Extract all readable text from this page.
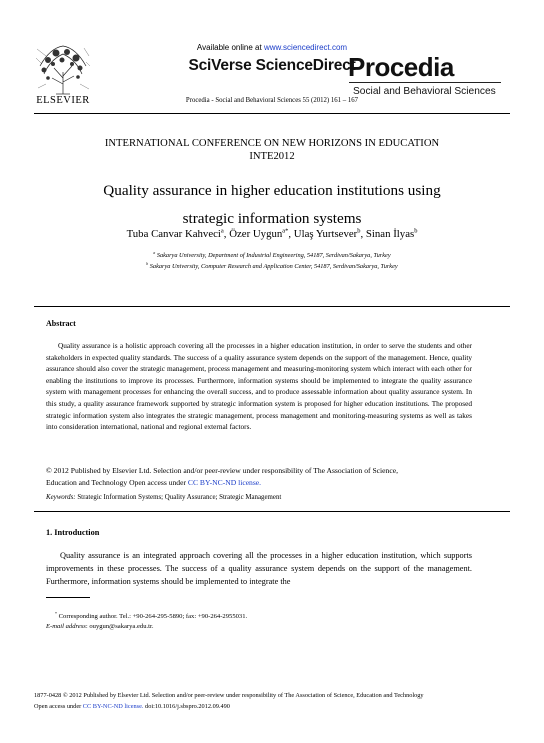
Available online at www.sciencedirect.com
ELSEVIER
SciVerse ScienceDirect
Procedia - Social and Behavioral Sciences 55 (2012) 161 – 167
Procedia
Social and Behavioral Sciences
INTERNATIONAL CONFERENCE ON NEW HORIZONS IN EDUCATION
INTE2012
Quality assurance in higher education institutions using
strategic information systems
Tuba Canvar Kahveci$^a$, Özer Uygun$^{a*}$, Ulaş Yurtsever$^b$, Sinan İlyas$^b$
$^a$ Sakarya University, Department of Industrial Engineering, 54187, Serdivan/Sakarya, Turkey
$^b$ Sakarya University, Computer Research and Application Center, 54187, Serdivan/Sakarya, Turkey
Abstract
Quality assurance is a holistic approach covering all the processes in a higher education institution, in order to serve the students and other stakeholders in expected quality standards. The success of a quality assurance system depends on the support of the management. Hence, quality assurance should also cover the strategic management, process management and measuring-monitoring system which interact with each other for enabling the institutions to improve its processes. Furthermore, information systems should be implemented to integrate the quality assurance system with management processes for enhancing the overall success, and to produce assessable information about quality assurance system. In this study, a quality assurance framework supported by strategic information system is proposed for higher education institutions. The proposed strategic information system also integrates the strategic management, process management and monitoring-measuring systems as well as takes into consideration international, national and regional external factors.
© 2012 Published by Elsevier Ltd. Selection and/or peer-review under responsibility of The Association of Science,
Education and Technology Open access under CC BY-NC-ND license.
Keywords: Strategic Information Systems; Quality Assurance; Strategic Management
1. Introduction
Quality assurance is an integrated approach covering all the processes in a higher education institution, which supports improvements in these processes. The success of a quality assurance system depends on the support of the management. Furthermore, information systems should be implemented to integrate the
* Corresponding author. Tel.: +90-264-295-5890; fax: +90-264-2955031.
E-mail address: ouygun@sakarya.edu.tr.
1877-0428 © 2012 Published by Elsevier Ltd. Selection and/or peer-review under responsibility of The Association of Science, Education and Technology
Open access under CC BY-NC-ND license. doi:10.1016/j.sbspro.2012.09.490
